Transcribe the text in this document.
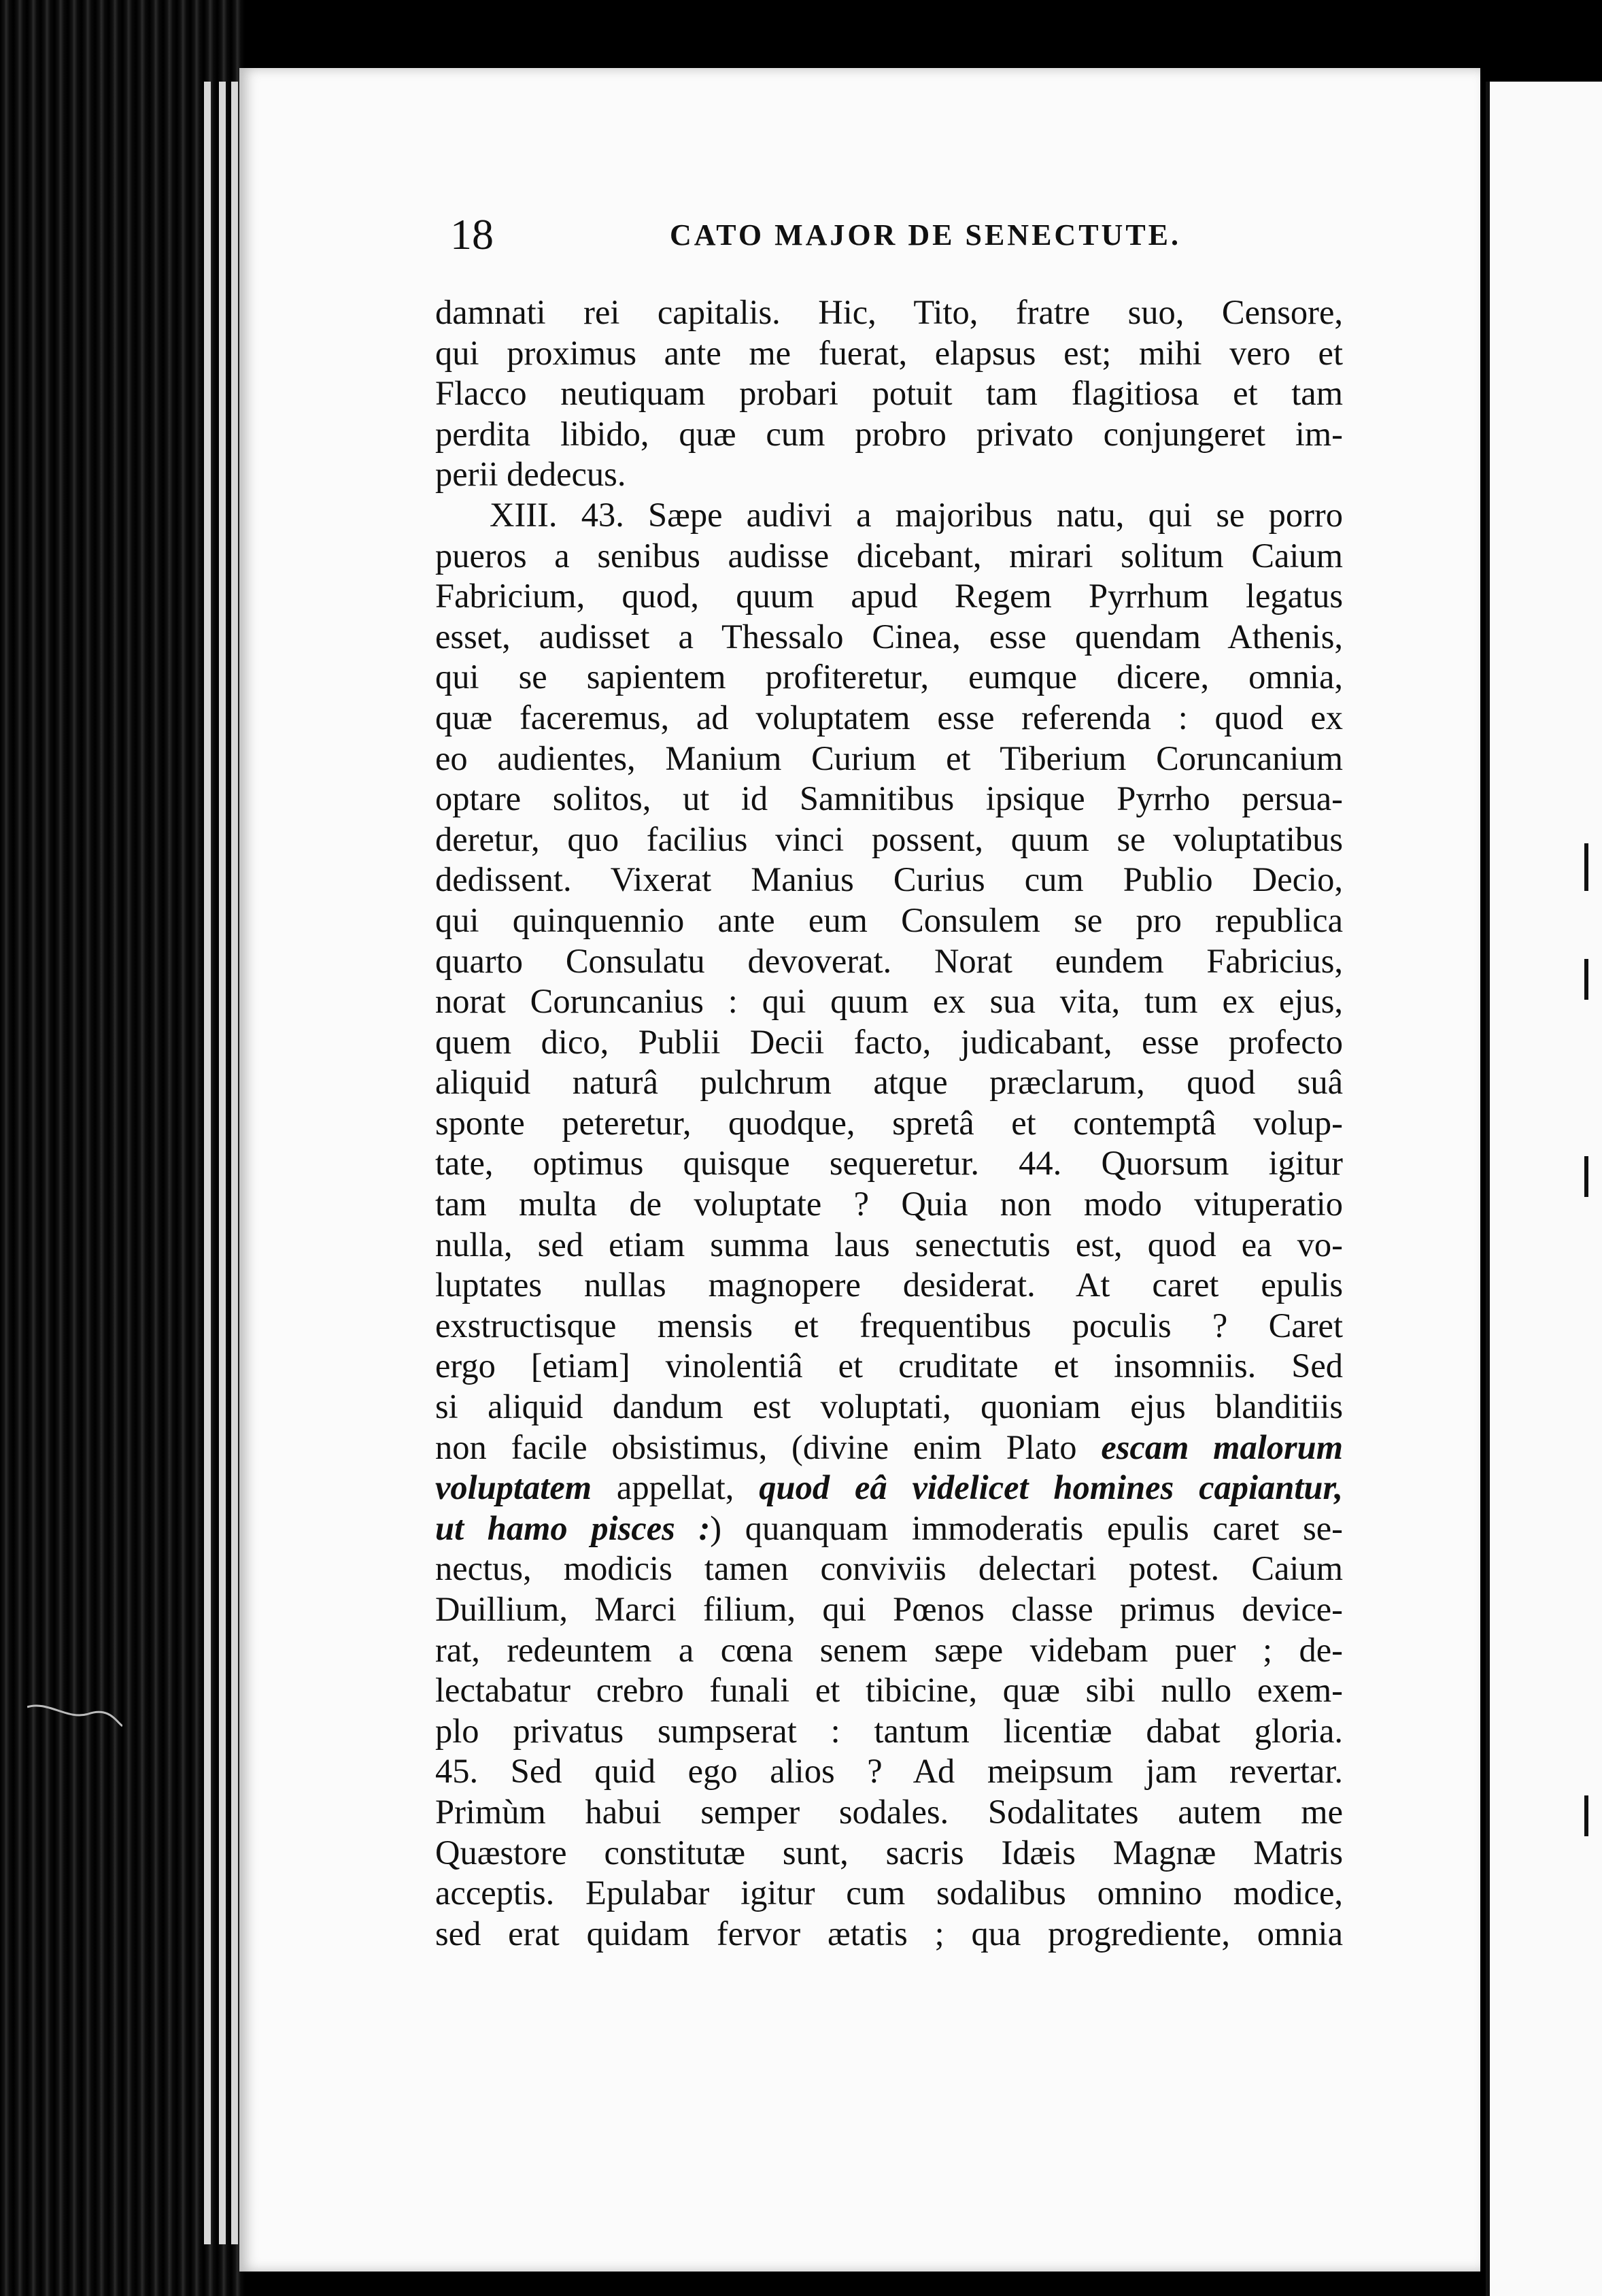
18	CATO MAJOR DE SENECTUTE.
damnati rei capitalis. Hic, Tito, fratre suo, Censore,
qui proximus ante me fuerat, elapsus est; mihi vero et
Flacco neutiquam probari potuit tam flagitiosa et tam
perdita libido, quæ cum probro privato conjungeret im-
perii dedecus.
XIII. 43. Sæpe audivi a majoribus natu, qui se porro
pueros a senibus audisse dicebant, mirari solitum Caium
Fabricium, quod, quum apud Regem Pyrrhum legatus
esset, audisset a Thessalo Cinea, esse quendam Athenis,
qui se sapientem profiteretur, eumque dicere, omnia,
quæ faceremus, ad voluptatem esse referenda : quod ex
eo audientes, Manium Curium et Tiberium Coruncanium
optare solitos, ut id Samnitibus ipsique Pyrrho persua-
deretur, quo facilius vinci possent, quum se voluptatibus
dedissent. Vixerat Manius Curius cum Publio Decio,
qui quinquennio ante eum Consulem se pro republica
quarto Consulatu devoverat. Norat eundem Fabricius,
norat Coruncanius : qui quum ex sua vita, tum ex ejus,
quem dico, Publii Decii facto, judicabant, esse profecto
aliquid naturâ pulchrum atque præclarum, quod suâ
sponte peteretur, quodque, spretâ et contemptâ volup-
tate, optimus quisque sequeretur. 44. Quorsum igitur
tam multa de voluptate ? Quia non modo vituperatio
nulla, sed etiam summa laus senectutis est, quod ea vo-
luptates nullas magnopere desiderat. At caret epulis
exstructisque mensis et frequentibus poculis ? Caret
ergo [etiam] vinolentiâ et cruditate et insomniis. Sed
si aliquid dandum est voluptati, quoniam ejus blanditiis
non facile obsistimus, (divine enim Plato escam malorum
voluptatem appellat, quod eâ videlicet homines capiantur,
ut hamo pisces :) quanquam immoderatis epulis caret se-
nectus, modicis tamen conviviis delectari potest. Caium
Duillium, Marci filium, qui Pœnos classe primus device-
rat, redeuntem a cœna senem sæpe videbam puer ; de-
lectabatur crebro funali et tibicine, quæ sibi nullo exem-
plo privatus sumpserat : tantum licentiæ dabat gloria.
45. Sed quid ego alios ? Ad meipsum jam revertar.
Primùm habui semper sodales. Sodalitates autem me
Quæstore constitutæ sunt, sacris Idæis Magnæ Matris
acceptis. Epulabar igitur cum sodalibus omnino modice,
sed erat quidam fervor ætatis ; qua progrediente, omnia
